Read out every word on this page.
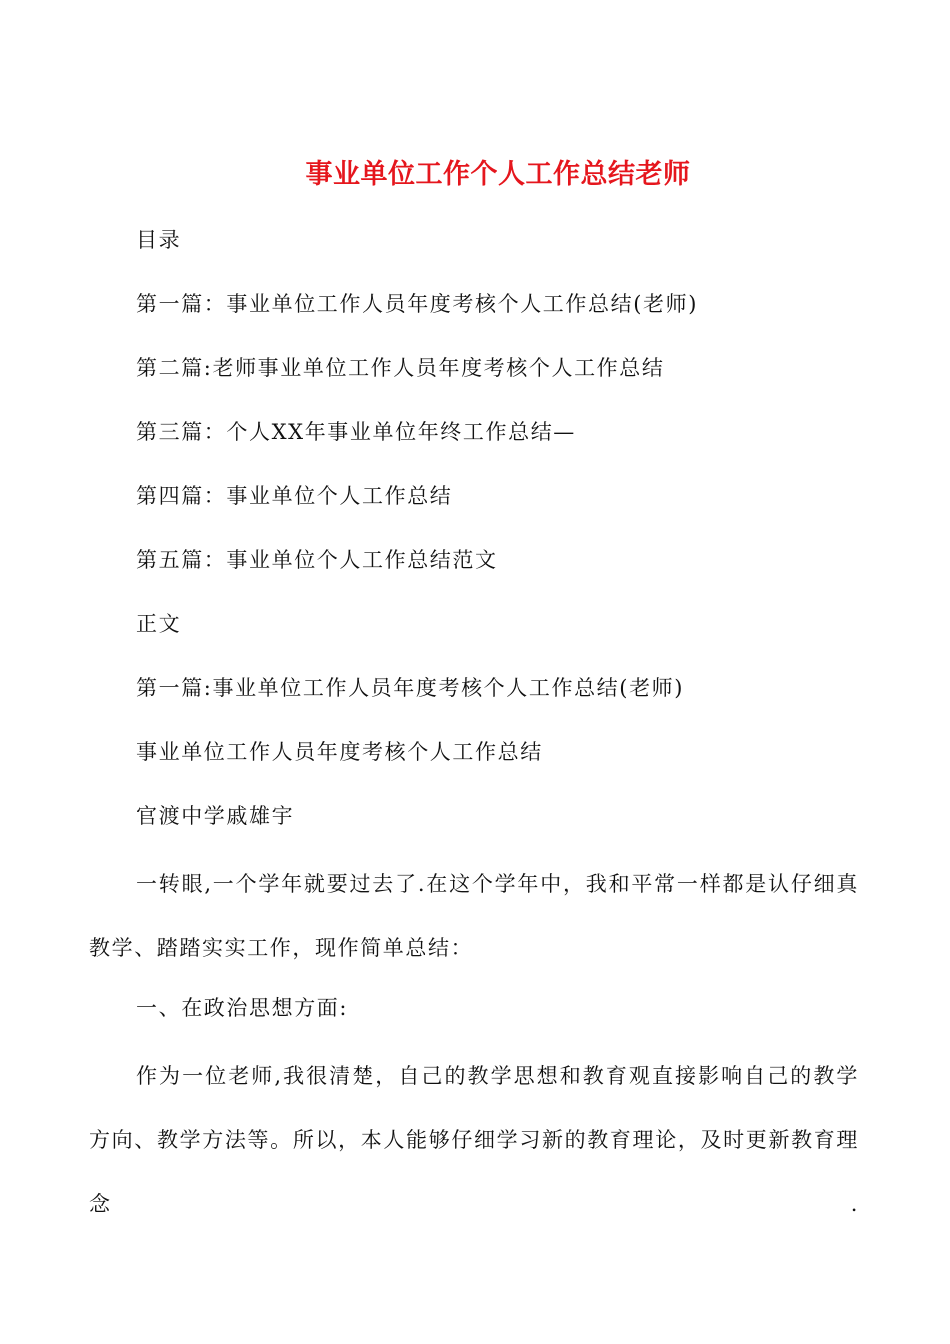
事业单位工作个人工作总结老师
目录
第一篇：事业单位工作人员年度考核个人工作总结(老师)
第二篇:老师事业单位工作人员年度考核个人工作总结
第三篇：个人XX年事业单位年终工作总结—
第四篇：事业单位个人工作总结
第五篇：事业单位个人工作总结范文
正文
第一篇:事业单位工作人员年度考核个人工作总结(老师)
事业单位工作人员年度考核个人工作总结
官渡中学戚雄宇
一转眼,一个学年就要过去了.在这个学年中，我和平常一样都是认仔细真教学、踏踏实实工作，现作简单总结：
一、在政治思想方面:
作为一位老师,我很清楚，自己的教学思想和教育观直接影响自己的教学方向、教学方法等。所以，本人能够仔细学习新的教育理论，及时更新教育理念.
